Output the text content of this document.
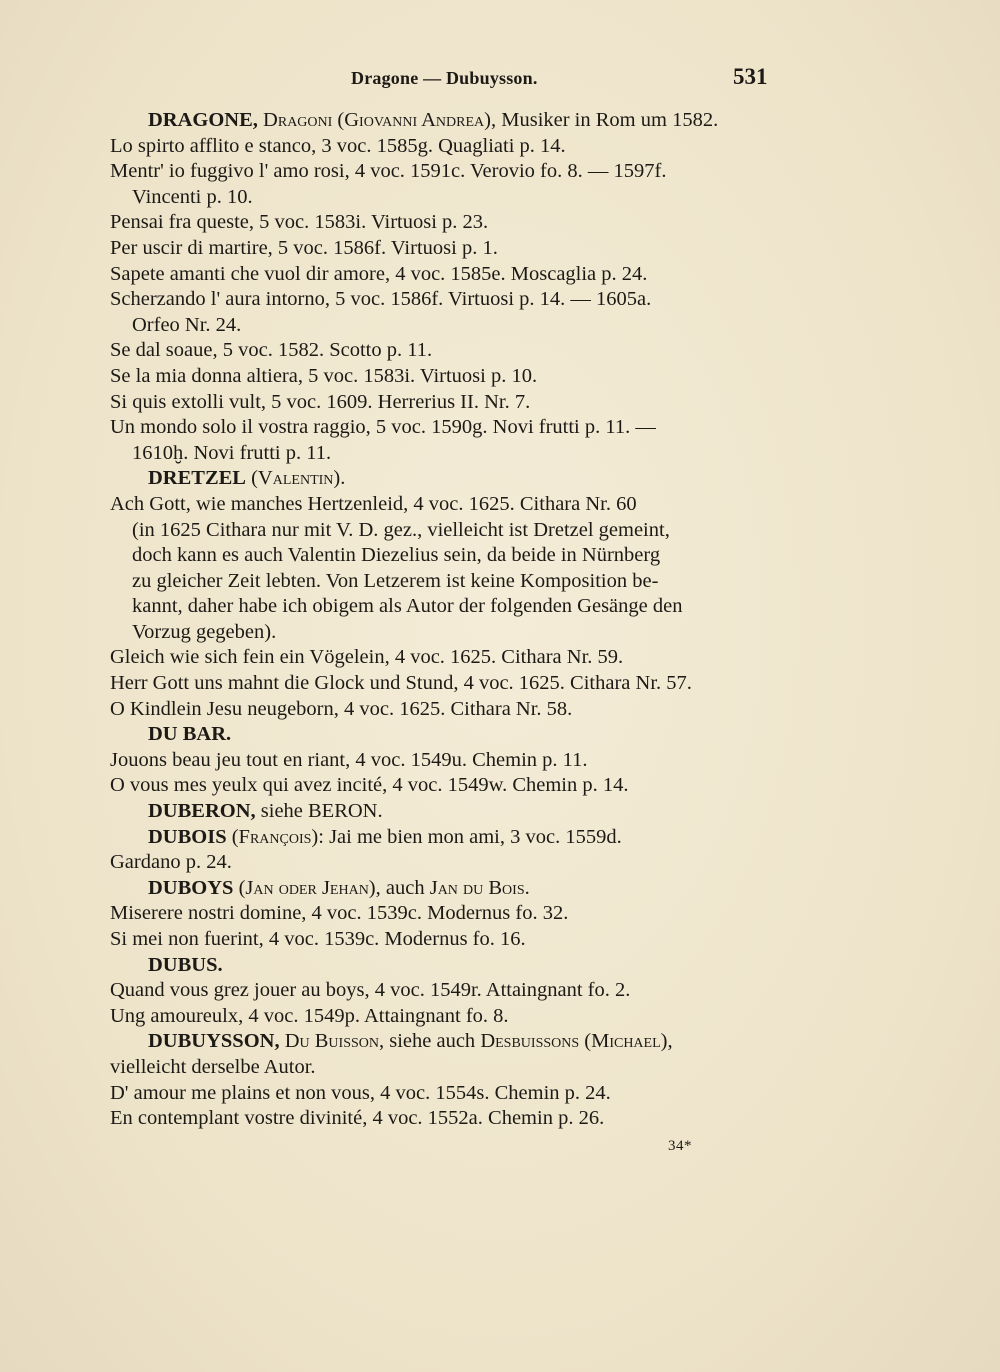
Dragone — Dubuysson.	531
DRAGONE, Dragoni (Giovanni Andrea), Musiker in Rom um 1582.
Lo spirto afflito e stanco, 3 voc. 1585g. Quagliati p. 14.
Mentr' io fuggivo l' amo rosi, 4 voc. 1591c. Verovio fo. 8. — 1597f.
Vincenti p. 10.
Pensai fra queste, 5 voc. 1583i. Virtuosi p. 23.
Per uscir di martire, 5 voc. 1586f. Virtuosi p. 1.
Sapete amanti che vuol dir amore, 4 voc. 1585e. Moscaglia p. 24.
Scherzando l' aura intorno, 5 voc. 1586f. Virtuosi p. 14. — 1605a.
Orfeo Nr. 24.
Se dal soaue, 5 voc. 1582. Scotto p. 11.
Se la mia donna altiera, 5 voc. 1583i. Virtuosi p. 10.
Si quis extolli vult, 5 voc. 1609. Herrerius II. Nr. 7.
Un mondo solo il vostra raggio, 5 voc. 1590g. Novi frutti p. 11. —
1610ḫ. Novi frutti p. 11.
DRETZEL (Valentin).
Ach Gott, wie manches Hertzenleid, 4 voc. 1625. Cithara Nr. 60
(in 1625 Cithara nur mit V. D. gez., vielleicht ist Dretzel gemeint,
doch kann es auch Valentin Diezelius sein, da beide in Nürnberg
zu gleicher Zeit lebten. Von Letzerem ist keine Komposition be-
kannt, daher habe ich obigem als Autor der folgenden Gesänge den
Vorzug gegeben).
Gleich wie sich fein ein Vögelein, 4 voc. 1625. Cithara Nr. 59.
Herr Gott uns mahnt die Glock und Stund, 4 voc. 1625. Cithara Nr. 57.
O Kindlein Jesu neugeborn, 4 voc. 1625. Cithara Nr. 58.
DU BAR.
Jouons beau jeu tout en riant, 4 voc. 1549u. Chemin p. 11.
O vous mes yeulx qui avez incité, 4 voc. 1549w. Chemin p. 14.
DUBERON, siehe BERON.
DUBOIS (François): Jai me bien mon ami, 3 voc. 1559d.
Gardano p. 24.
DUBOYS (Jan oder Jehan), auch Jan du Bois.
Miserere nostri domine, 4 voc. 1539c. Modernus fo. 32.
Si mei non fuerint, 4 voc. 1539c. Modernus fo. 16.
DUBUS.
Quand vous grez jouer au boys, 4 voc. 1549r. Attaingnant fo. 2.
Ung amoureulx, 4 voc. 1549p. Attaingnant fo. 8.
DUBUYSSON, Du Buisson, siehe auch Desbuissons (Michael),
vielleicht derselbe Autor.
D' amour me plains et non vous, 4 voc. 1554s. Chemin p. 24.
En contemplant vostre divinité, 4 voc. 1552a. Chemin p. 26.
34*
